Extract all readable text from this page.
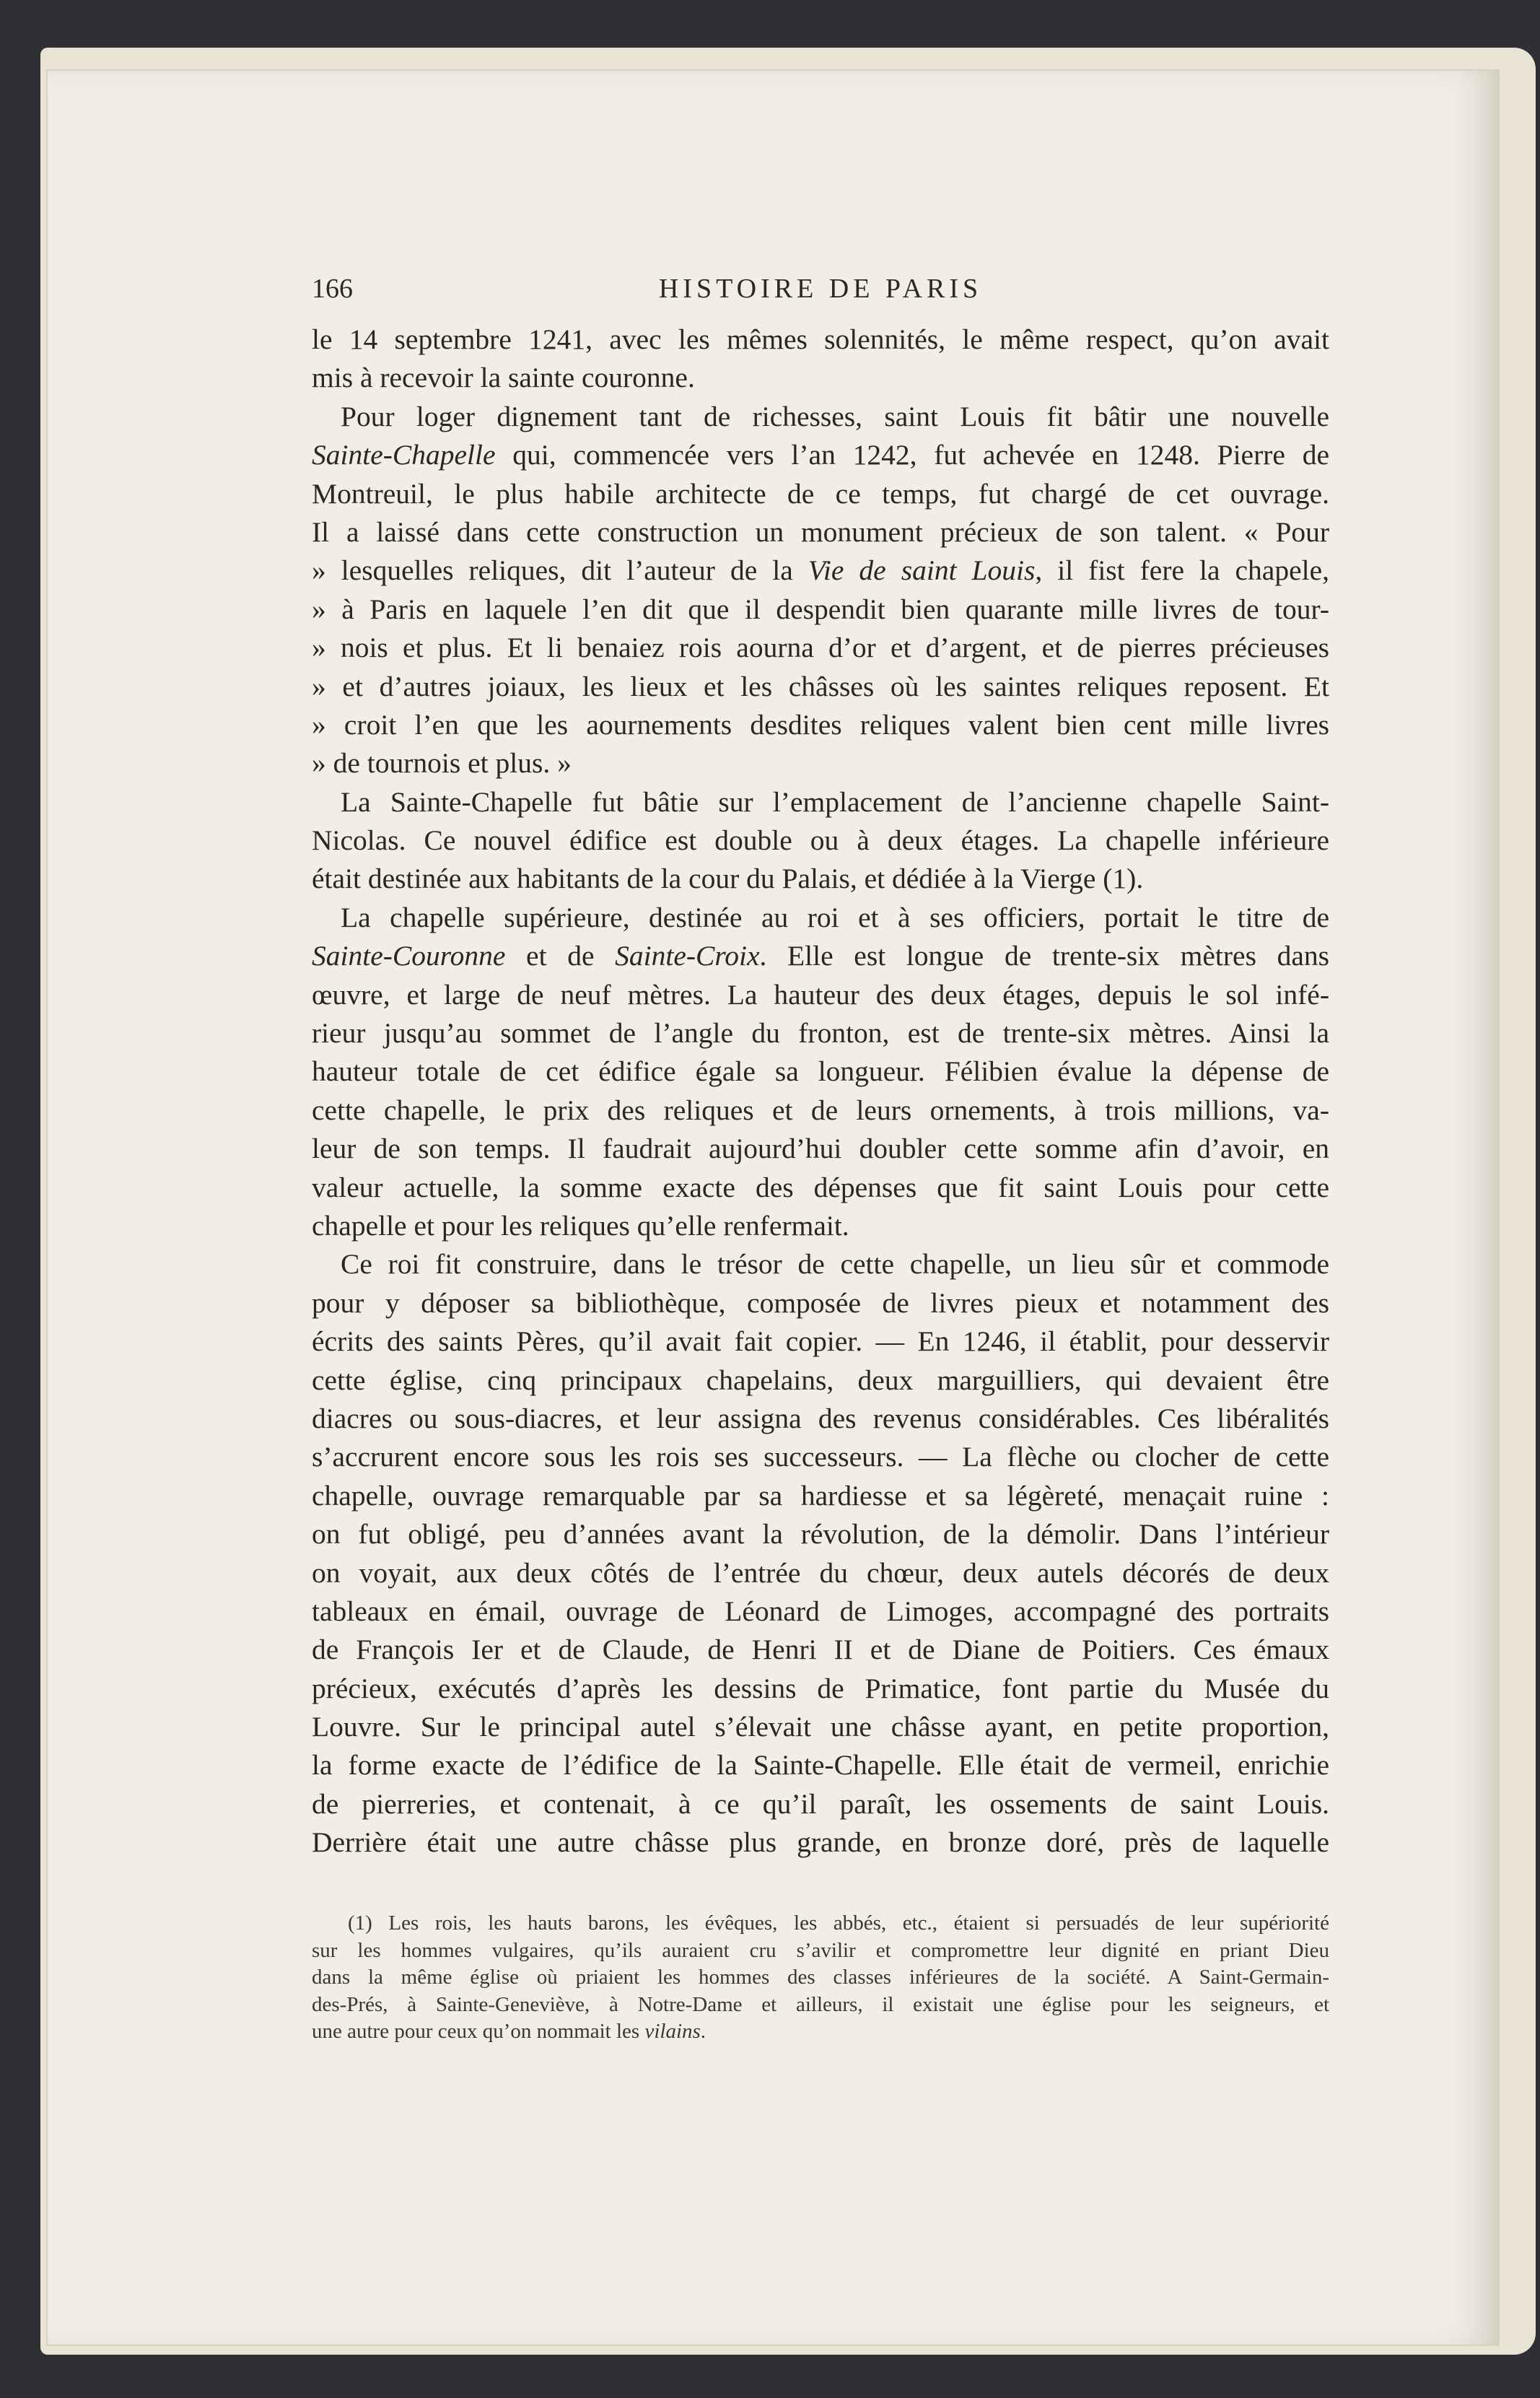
166	HISTOIRE DE PARIS
le 14 septembre 1241, avec les mêmes solennités, le même respect, qu’on avait
mis à recevoir la sainte couronne.
Pour loger dignement tant de richesses, saint Louis fit bâtir une nouvelle
Sainte-Chapelle qui, commencée vers l’an 1242, fut achevée en 1248. Pierre de
Montreuil, le plus habile architecte de ce temps, fut chargé de cet ouvrage.
Il a laissé dans cette construction un monument précieux de son talent. « Pour
» lesquelles reliques, dit l’auteur de la Vie de saint Louis, il fist fere la chapele,
» à Paris en laquele l’en dit que il despendit bien quarante mille livres de tour-
» nois et plus. Et li benaiez rois aourna d’or et d’argent, et de pierres précieuses
» et d’autres joiaux, les lieux et les châsses où les saintes reliques reposent. Et
» croit l’en que les aournements desdites reliques valent bien cent mille livres
» de tournois et plus. »
La Sainte-Chapelle fut bâtie sur l’emplacement de l’ancienne chapelle Saint-
Nicolas. Ce nouvel édifice est double ou à deux étages. La chapelle inférieure
était destinée aux habitants de la cour du Palais, et dédiée à la Vierge (1).
La chapelle supérieure, destinée au roi et à ses officiers, portait le titre de
Sainte-Couronne et de Sainte-Croix. Elle est longue de trente-six mètres dans
œuvre, et large de neuf mètres. La hauteur des deux étages, depuis le sol infé-
rieur jusqu’au sommet de l’angle du fronton, est de trente-six mètres. Ainsi la
hauteur totale de cet édifice égale sa longueur. Félibien évalue la dépense de
cette chapelle, le prix des reliques et de leurs ornements, à trois millions, va-
leur de son temps. Il faudrait aujourd’hui doubler cette somme afin d’avoir, en
valeur actuelle, la somme exacte des dépenses que fit saint Louis pour cette
chapelle et pour les reliques qu’elle renfermait.
Ce roi fit construire, dans le trésor de cette chapelle, un lieu sûr et commode
pour y déposer sa bibliothèque, composée de livres pieux et notamment des
écrits des saints Pères, qu’il avait fait copier. — En 1246, il établit, pour desservir
cette église, cinq principaux chapelains, deux marguilliers, qui devaient être
diacres ou sous-diacres, et leur assigna des revenus considérables. Ces libéralités
s’accrurent encore sous les rois ses successeurs. — La flèche ou clocher de cette
chapelle, ouvrage remarquable par sa hardiesse et sa légèreté, menaçait ruine :
on fut obligé, peu d’années avant la révolution, de la démolir. Dans l’intérieur
on voyait, aux deux côtés de l’entrée du chœur, deux autels décorés de deux
tableaux en émail, ouvrage de Léonard de Limoges, accompagné des portraits
de François Ier et de Claude, de Henri II et de Diane de Poitiers. Ces émaux
précieux, exécutés d’après les dessins de Primatice, font partie du Musée du
Louvre. Sur le principal autel s’élevait une châsse ayant, en petite proportion,
la forme exacte de l’édifice de la Sainte-Chapelle. Elle était de vermeil, enrichie
de pierreries, et contenait, à ce qu’il paraît, les ossements de saint Louis.
Derrière était une autre châsse plus grande, en bronze doré, près de laquelle
(1) Les rois, les hauts barons, les évêques, les abbés, etc., étaient si persuadés de leur supériorité
sur les hommes vulgaires, qu’ils auraient cru s’avilir et compromettre leur dignité en priant Dieu
dans la même église où priaient les hommes des classes inférieures de la société. A Saint-Germain-
des-Prés, à Sainte-Geneviève, à Notre-Dame et ailleurs, il existait une église pour les seigneurs, et
une autre pour ceux qu’on nommait les vilains.
